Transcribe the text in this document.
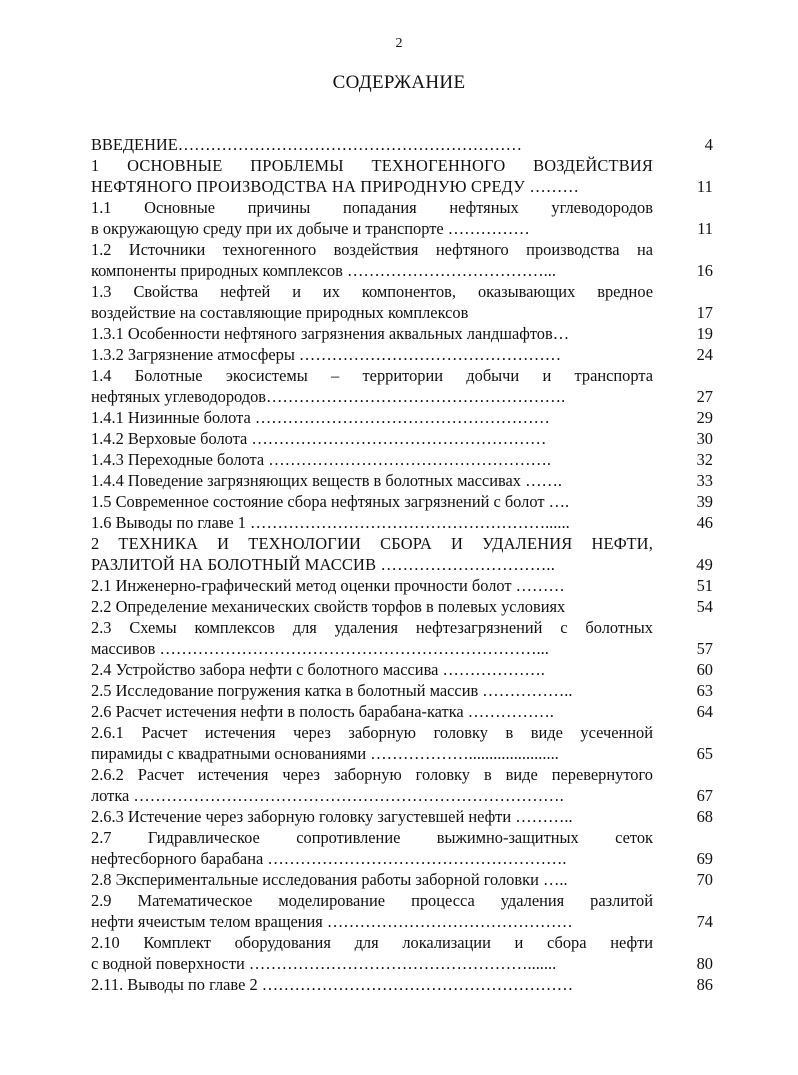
2
СОДЕРЖАНИЕ
ВВЕДЕНИЕ………………………………………………………	4
1 ОСНОВНЫЕ ПРОБЛЕМЫ ТЕХНОГЕННОГО ВОЗДЕЙСТВИЯ
НЕФТЯНОГО ПРОИЗВОДСТВА НА ПРИРОДНУЮ СРЕДУ ………	11
1.1 Основные причины попадания нефтяных углеводородов
в окружающую среду при их добыче и транспорте ……………	11
1.2 Источники техногенного воздействия нефтяного производства на
компоненты природных комплексов ………………………………...	16
1.3 Свойства нефтей и их компонентов, оказывающих вредное
воздействие на составляющие природных комплексов	17
1.3.1 Особенности нефтяного загрязнения аквальных ландшафтов…	19
1.3.2 Загрязнение атмосферы …………………………………………	24
1.4 Болотные экосистемы – территории добычи и транспорта
нефтяных углеводородов……………………………………………….	27
1.4.1 Низинные болота ………………………………………………	29
1.4.2 Верховые болота ………………………………………………	30
1.4.3 Переходные болота …………………………………………….	32
1.4.4 Поведение загрязняющих веществ в болотных массивах …….	33
1.5 Современное состояние сбора нефтяных загрязнений с болот ….	39
1.6 Выводы по главе 1 ………………………………………………......	46
2 ТЕХНИКА И ТЕХНОЛОГИИ СБОРА И УДАЛЕНИЯ НЕФТИ,
РАЗЛИТОЙ НА БОЛОТНЫЙ МАССИВ …………………………..	49
2.1 Инженерно-графический метод оценки прочности болот ………	51
2.2 Определение механических свойств торфов в полевых условиях	54
2.3 Схемы комплексов для удаления нефтезагрязнений с болотных
массивов ……………………………………………………………...	57
2.4 Устройство забора нефти с болотного массива ……………….	60
2.5 Исследование погружения катка в болотный массив ……………..	63
2.6 Расчет истечения нефти в полость барабана-катка …………….	64
2.6.1 Расчет истечения через заборную головку в виде усеченной
пирамиды с квадратными основаниями ………………......................	65
2.6.2 Расчет истечения через заборную головку в виде перевернутого
лотка …………………………………………………………………….	67
2.6.3 Истечение через заборную головку загустевшей нефти ………..	68
2.7 Гидравлическое сопротивление выжимно-защитных сеток
нефтесборного барабана ……………………………………………….	69
2.8 Экспериментальные исследования работы заборной головки …..	70
2.9 Математическое моделирование процесса удаления разлитой
нефти ячеистым телом вращения ………………………………………	74
2.10 Комплект оборудования для локализации и сбора нефти
с водной поверхности …………………………………………….......	80
2.11. Выводы по главе 2 …………………………………………………	86
